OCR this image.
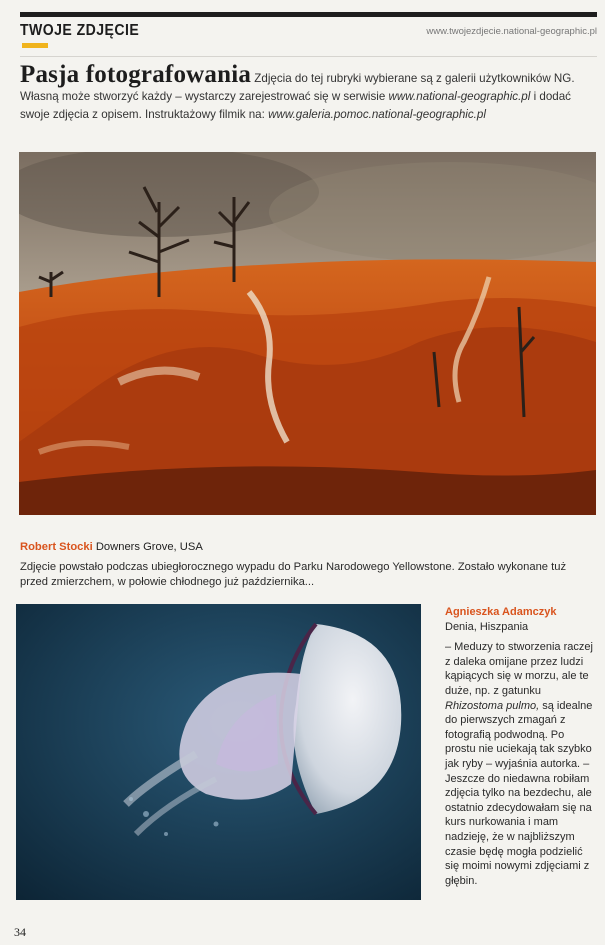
TWOJE ZDJĘCIE	www.twojezdjecie.national-geographic.pl
Pasja fotografowania Zdjęcia do tej rubryki wybierane są z galerii użytkowników NG. Własną może stworzyć każdy – wystarczy zarejestrować się w serwisie www.national-geographic.pl i dodać swoje zdjęcia z opisem. Instruktażowy filmik na: www.galeria.pomoc.national-geographic.pl
Robert Stocki Downers Grove, USA
Zdjęcie powstało podczas ubiegłorocznego wypadu do Parku Narodowego Yellowstone. Zostało wykonane tuż przed zmierzchem, w połowie chłodnego już października...
Agnieszka Adamczyk
Denia, Hiszpania

– Meduzy to stworzenia raczej z daleka omijane przez ludzi kąpiących się w morzu, ale te duże, np. z gatunku Rhizostoma pulmo, są idealne do pierwszych zmagań z fotografią podwodną. Po prostu nie uciekają tak szybko jak ryby – wyjaśnia autorka. – Jeszcze do niedawna robiłam zdjęcia tylko na bezdechu, ale ostatnio zdecydowałam się na kurs nurkowania i mam nadzieję, że w najbliższym czasie będę mogła podzielić się moimi nowymi zdjęciami z głębin.

34
